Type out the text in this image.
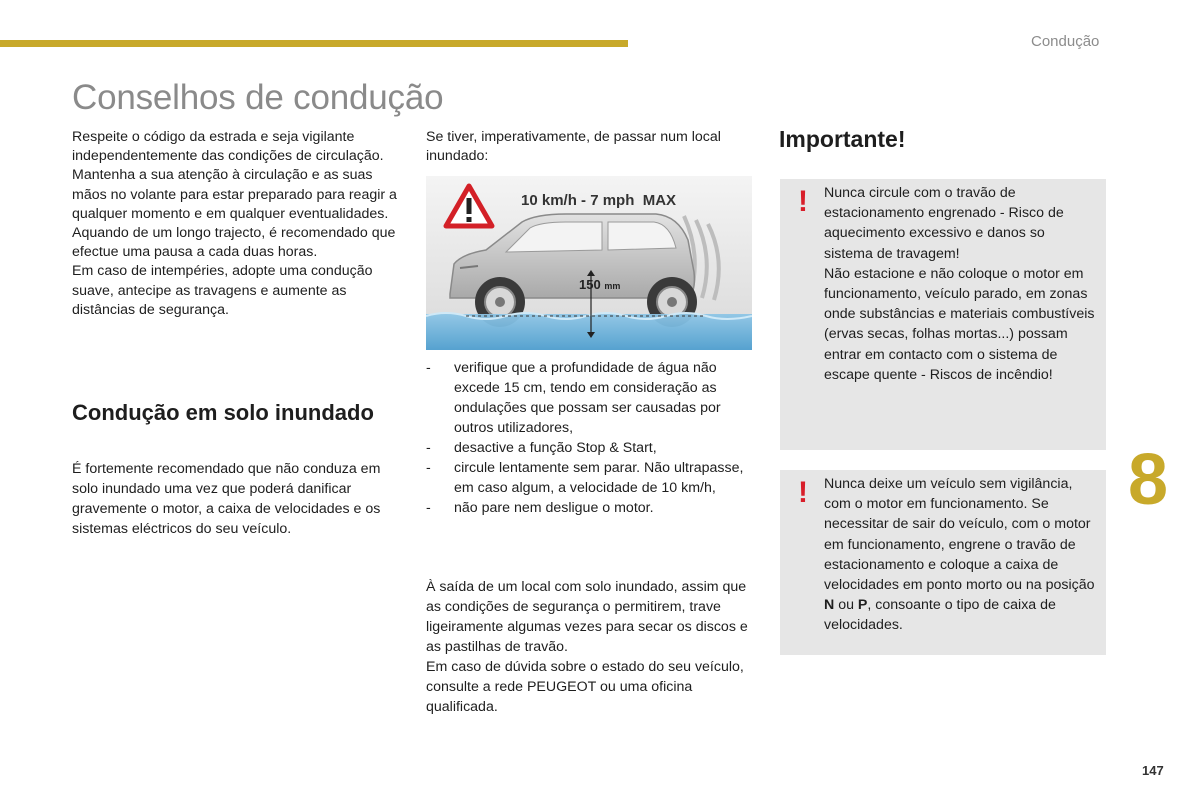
Condução
Conselhos de condução

Respeite o código da estrada e seja vigilante independentemente das condições de circulação.

Mantenha a sua atenção à circulação e as suas mãos no volante para estar preparado para reagir a qualquer momento e em qualquer eventualidades.

Aquando de um longo trajecto, é recomendado que efectue uma pausa a cada duas horas.

Em caso de intempéries, adopte uma condução suave, antecipe as travagens e aumente as distâncias de segurança.

Condução em solo inundado
É fortemente recomendado que não conduza em solo inundado uma vez que poderá danificar gravemente o motor, a caixa de velocidades e os sistemas eléctricos do seu veículo.
Se tiver, imperativamente, de passar num local inundado:
10 km/h - 7 mph  MAX
150 mm
- verifique que a profundidade de água não excede 15 cm, tendo em consideração as ondulações que possam ser causadas por outros utilizadores,
- desactive a função Stop & Start,
- circule lentamente sem parar. Não ultrapasse, em caso algum, a velocidade de 10 km/h,
- não pare nem desligue o motor.

À saída de um local com solo inundado, assim que as condições de segurança o permitirem, trave ligeiramente algumas vezes para secar os discos e as pastilhas de travão.

Em caso de dúvida sobre o estado do seu veículo, consulte a rede PEUGEOT ou uma oficina qualificada.

Importante!
! Nunca circule com o travão de estacionamento engrenado - Risco de aquecimento excessivo e danos so sistema de travagem!

Não estacione e não coloque o motor em funcionamento, veículo parado, em zonas onde substâncias e materiais combustíveis (ervas secas, folhas mortas...) possam entrar em contacto com o sistema de escape quente - Riscos de incêndio!

! Nunca deixe um veículo sem vigilância, com o motor em funcionamento. Se necessitar de sair do veículo, com o motor em funcionamento, engrene o travão de estacionamento e coloque a caixa de velocidades em ponto morto ou na posição N ou P, consoante o tipo de caixa de velocidades.
8
147
